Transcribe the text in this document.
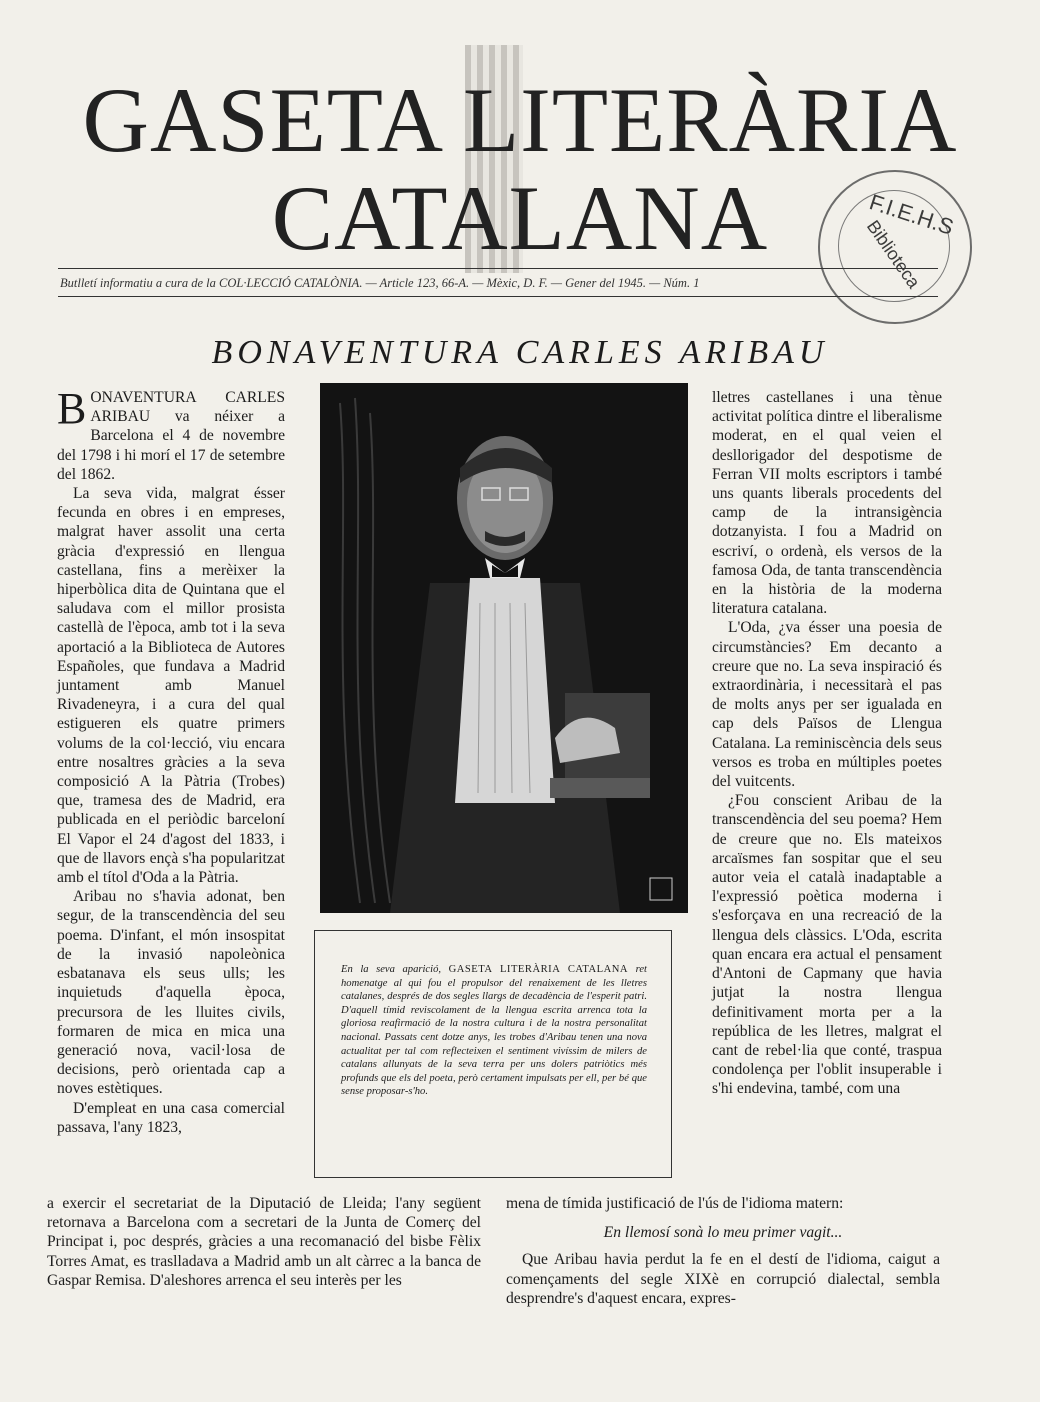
GASETA LITERÀRIA
CATALANA	F.I.E.H.S
Biblioteca
Butlletí informatiu a cura de la COL·LECCIÓ CATALÒNIA. — Article 123, 66-A. — Mèxic, D. F. — Gener del 1945. — Núm. 1
BONAVENTURA CARLES ARIBAU

BONAVENTURA CARLES ARIBAU va néixer a Barcelona el 4 de novembre del 1798 i hi morí el 17 de setembre del 1862.

La seva vida, malgrat ésser fecunda en obres i en empreses, malgrat haver assolit una certa gràcia d'expressió en llengua castellana, fins a merèixer la hiperbòlica dita de Quintana que el saludava com el millor prosista castellà de l'època, amb tot i la seva aportació a la Biblioteca de Autores Españoles, que fundava a Madrid juntament amb Manuel Rivadeneyra, i a cura del qual estigueren els quatre primers volums de la col·lecció, viu encara entre nosaltres gràcies a la seva composició A la Pàtria (Trobes) que, tramesa des de Madrid, era publicada en el periòdic barceloní El Vapor el 24 d'agost del 1833, i que de llavors ençà s'ha popularitzat amb el títol d'Oda a la Pàtria.

Aribau no s'havia adonat, ben segur, de la transcendència del seu poema. D'infant, el món insospitat de la invasió napoleònica esbatanava els seus ulls; les inquietuds d'aquella època, precursora de les lluites civils, formaren de mica en mica una generació nova, vacil·losa de decisions, però orientada cap a noves estètiques.

D'empleat en una casa comercial passava, l'any 1823,

En la seva aparició, GASETA LITERÀRIA CATALANA ret homenatge al qui fou el propulsor del renaixement de les lletres catalanes, després de dos segles llargs de decadència de l'esperit patri. D'aquell tímid reviscolament de la llengua escrita arrenca tota la gloriosa reafirmació de la nostra cultura i de la nostra personalitat nacional. Passats cent dotze anys, les trobes d'Aribau tenen una nova actualitat per tal com reflecteixen el sentiment vivíssim de milers de catalans allunyats de la seva terra per uns dolers patriòtics més profunds que els del poeta, però certament impulsats per ell, per bé que sense proposar-s'ho.

lletres castellanes i una tènue activitat política dintre el liberalisme moderat, en el qual veien el desllorigador del despotisme de Ferran VII molts escriptors i també uns quants liberals procedents del camp de la intransigència dotzanyista. I fou a Madrid on escriví, o ordenà, els versos de la famosa Oda, de tanta transcendència en la història de la moderna literatura catalana.

L'Oda, ¿va ésser una poesia de circumstàncies? Em decanto a creure que no. La seva inspiració és extraordinària, i necessitarà el pas de molts anys per ser igualada en cap dels Països de Llengua Catalana. La reminiscència dels seus versos es troba en múltiples poetes del vuitcents.

¿Fou conscient Aribau de la transcendència del seu poema? Hem de creure que no. Els mateixos arcaïsmes fan sospitar que el seu autor veia el català inadaptable a l'expressió poètica moderna i s'esforçava en una recreació de la llengua dels clàssics. L'Oda, escrita quan encara era actual el pensament d'Antoni de Capmany que havia jutjat la nostra llengua definitivament morta per a la república de les lletres, malgrat el cant de rebel·lia que conté, traspua condolença per l'oblit insuperable i s'hi endevina, també, com una

a exercir el secretariat de la Diputació de Lleida; l'any següent retornava a Barcelona com a secretari de la Junta de Comerç del Principat i, poc després, gràcies a una recomanació del bisbe Fèlix Torres Amat, es traslladava a Madrid amb un alt càrrec a la banca de Gaspar Remisa. D'aleshores arrenca el seu interès per les
mena de tímida justificació de l'ús de l'idioma matern:
En llemosí sonà lo meu primer vagit...
Que Aribau havia perdut la fe en el destí de l'idioma, caigut a començaments del segle XIXè en corrupció dialectal, sembla desprendre's d'aquest encara, expres-
